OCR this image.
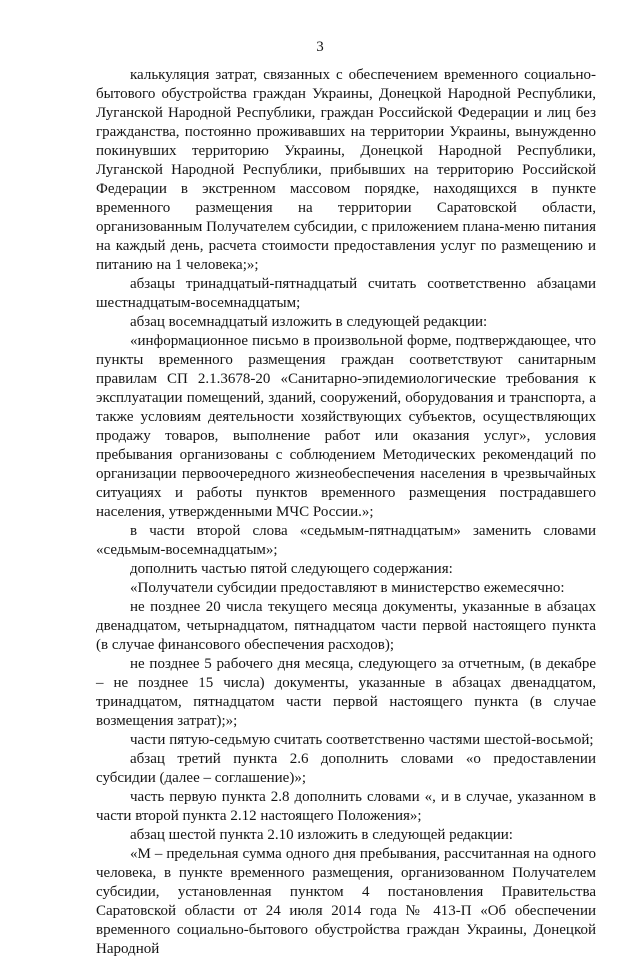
3

калькуляция затрат, связанных с обеспечением временного социально-бытового обустройства граждан Украины, Донецкой Народной Республики, Луганской Народной Республики, граждан Российской Федерации и лиц без гражданства, постоянно проживавших на территории Украины, вынужденно покинувших территорию Украины, Донецкой Народной Республики, Луганской Народной Республики, прибывших на территорию Российской Федерации в экстренном массовом порядке, находящихся в пункте временного размещения на территории Саратовской области, организованным Получателем субсидии, с приложением плана-меню питания на каждый день, расчета стоимости предоставления услуг по размещению и питанию на 1 человека;»;

абзацы тринадцатый-пятнадцатый считать соответственно абзацами шестнадцатым-восемнадцатым;

абзац восемнадцатый изложить в следующей редакции:

«информационное письмо в произвольной форме, подтверждающее, что пункты временного размещения граждан соответствуют санитарным правилам СП 2.1.3678-20 «Санитарно-эпидемиологические требования к эксплуатации помещений, зданий, сооружений, оборудования и транспорта, а также условиям деятельности хозяйствующих субъектов, осуществляющих продажу товаров, выполнение работ или оказания услуг», условия пребывания организованы с соблюдением Методических рекомендаций по организации первоочередного жизнеобеспечения населения в чрезвычайных ситуациях и работы пунктов временного размещения пострадавшего населения, утвержденными МЧС России.»;

в части второй слова «седьмым-пятнадцатым» заменить словами «седьмым-восемнадцатым»;

дополнить частью пятой следующего содержания:

«Получатели субсидии предоставляют в министерство ежемесячно:

не позднее 20 числа текущего месяца документы, указанные в абзацах двенадцатом, четырнадцатом, пятнадцатом части первой настоящего пункта (в случае финансового обеспечения расходов);

не позднее 5 рабочего дня месяца, следующего за отчетным, (в декабре – не позднее 15 числа) документы, указанные в абзацах двенадцатом, тринадцатом, пятнадцатом части первой настоящего пункта (в случае возмещения затрат);»;

части пятую-седьмую считать соответственно частями шестой-восьмой;

абзац третий пункта 2.6 дополнить словами «о предоставлении субсидии (далее – соглашение)»;

часть первую пункта 2.8 дополнить словами «, и в случае, указанном в части второй пункта 2.12 настоящего Положения»;

абзац шестой пункта 2.10 изложить в следующей редакции:

«М – предельная сумма одного дня пребывания, рассчитанная на одного человека, в пункте временного размещения, организованном Получателем субсидии, установленная пунктом 4 постановления Правительства Саратовской области от 24 июля 2014 года № 413-П «Об обеспечении временного социально-бытового обустройства граждан Украины, Донецкой Народной
